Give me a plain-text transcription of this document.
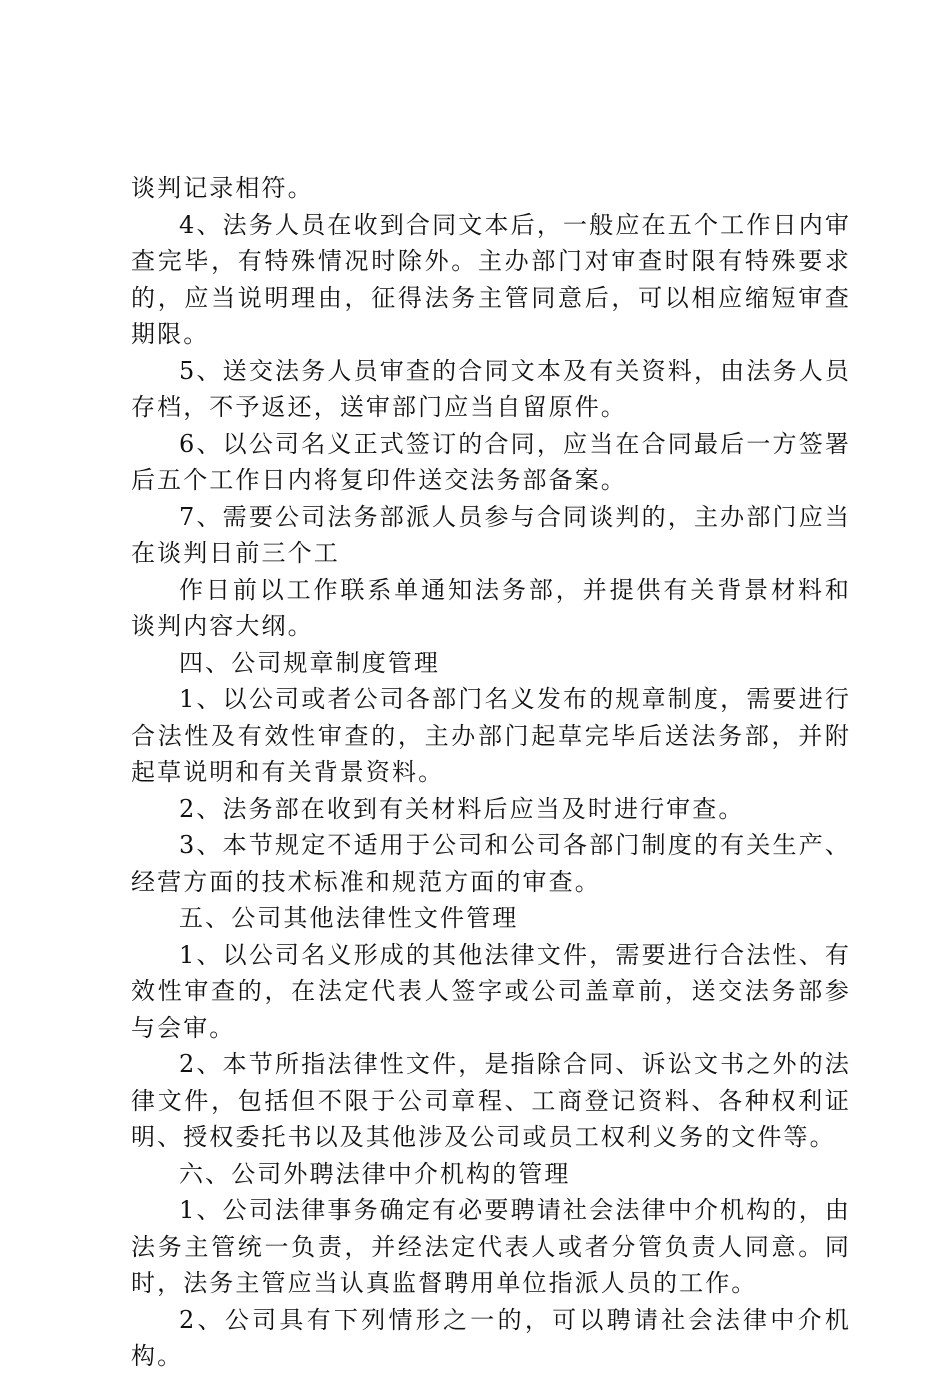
谈判记录相符。

4、法务人员在收到合同文本后，一般应在五个工作日内审查完毕，有特殊情况时除外。主办部门对审查时限有特殊要求的，应当说明理由，征得法务主管同意后，可以相应缩短审查期限。

5、送交法务人员审查的合同文本及有关资料，由法务人员存档，不予返还，送审部门应当自留原件。

6、以公司名义正式签订的合同，应当在合同最后一方签署后五个工作日内将复印件送交法务部备案。

7、需要公司法务部派人员参与合同谈判的，主办部门应当在谈判日前三个工

作日前以工作联系单通知法务部，并提供有关背景材料和谈判内容大纲。

四、公司规章制度管理

1、以公司或者公司各部门名义发布的规章制度，需要进行合法性及有效性审查的，主办部门起草完毕后送法务部，并附起草说明和有关背景资料。

2、法务部在收到有关材料后应当及时进行审查。

3、本节规定不适用于公司和公司各部门制度的有关生产、经营方面的技术标准和规范方面的审查。

五、公司其他法律性文件管理

1、以公司名义形成的其他法律文件，需要进行合法性、有效性审查的，在法定代表人签字或公司盖章前，送交法务部参与会审。

2、本节所指法律性文件，是指除合同、诉讼文书之外的法律文件，包括但不限于公司章程、工商登记资料、各种权利证明、授权委托书以及其他涉及公司或员工权利义务的文件等。

六、公司外聘法律中介机构的管理

1、公司法律事务确定有必要聘请社会法律中介机构的，由法务主管统一负责，并经法定代表人或者分管负责人同意。同时，法务主管应当认真监督聘用单位指派人员的工作。

2、公司具有下列情形之一的，可以聘请社会法律中介机构。
